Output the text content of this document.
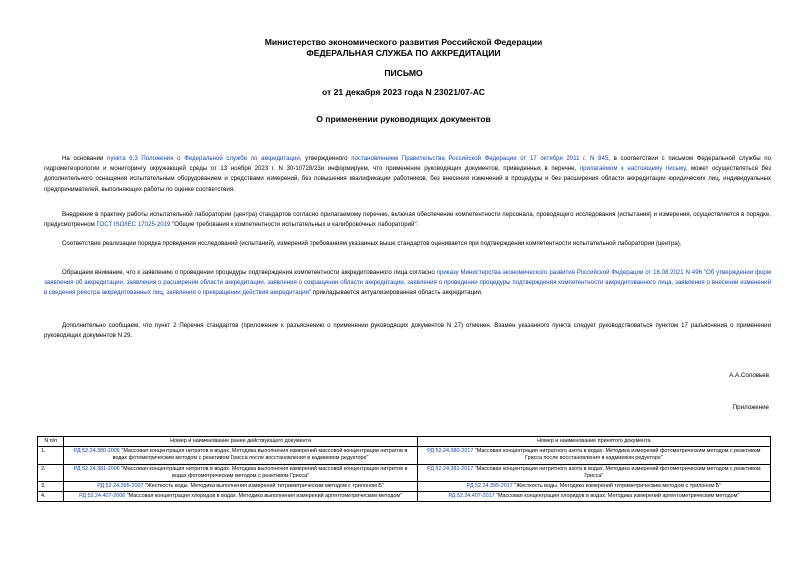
Министерство экономического развития Российской Федерации
ФЕДЕРАЛЬНАЯ СЛУЖБА ПО АККРЕДИТАЦИИ
ПИСЬМО
от 21 декабря 2023 года N 23021/07-АС
О применении руководящих документов

На основании пункта 6.3 Положения о Федеральной службе по аккредитации, утвержденного постановлением Правительства Российской Федерации от 17 октября 2011 г. N 845, в соответствии с письмом Федеральной службы по гидрометеорологии и мониторингу окружающей среды от 13 ноября 2023 г. N 30-10728/23и информируем, что применение руководящих документов, приведенных в перечне, прилагаемом к настоящему письму, может осуществляться без дополнительного оснащения испытательным оборудованием и средствами измерений, без повышения квалификации работников, без внесения изменений в процедуры и без расширения области аккредитации юридических лиц, индивидуальных предпринимателей, выполняющих работы по оценке соответствия.

Внедрение в практику работы испытательной лаборатории (центра) стандартов согласно прилагаемому перечню, включая обеспечение компетентности персонала, проводящего исследования (испытания) и измерения, осуществляется в порядке, предусмотренном ГОСТ ISO/IEC 17025-2019 "Общие требования к компетентности испытательных и калибровочных лабораторий".

Соответствие реализации порядка проведения исследований (испытаний), измерений требованиям указанных выше стандартов оценивается при подтверждении компетентности испытательной лаборатории (центра).

Обращаем внимание, что к заявлению о проведении процедуры подтверждения компетентности аккредитованного лица согласно приказу Министерства экономического развития Российской Федерации от 16.08.2021 N 496 "Об утверждении форм заявления об аккредитации, заявления о расширении области аккредитации, заявления о сокращении области аккредитации, заявления о проведении процедуры подтверждения компетентности аккредитованного лица, заявления о внесении изменений в сведения реестра аккредитованных лиц, заявления о прекращении действия аккредитации" прикладывается актуализированная область аккредитации.

Дополнительно сообщаем, что пункт 2 Перечня стандартов (приложение к разъяснению о применении руководящих документов N 27) отменен. Взамен указанного пункта следует руководствоваться пунктом 17 разъяснения о применении руководящих документов N 29.

А.А.Соловьев
Приложение
N п/п	Номер и наименование ранее действующего документа	Номер и наименование принятого документа
1.	РД 52.24.380-2006 "Массовая концентрация нитратов в водах. Методика выполнения измерений массовой концентрации нитратов в водах фотометрическим методом с реактивом Грисса после восстановления в кадмиевом редукторе"	РД 52.24.380-2017 "Массовая концентрация нитратного азота в водах. Методика измерений фотометрическим методом с реактивом Грисса после восстановления в кадмиевом редукторе"
2.	РД 52.24.381-2006 "Массовая концентрация нитритов в водах. Методика выполнения измерений массовой концентрации нитритов в водах фотометрическим методом с реактивом Грисса"	РД 52.24.381-2017 "Массовая концентрация нитритного азота в водах. Методика измерений фотометрическим методом с реактивом Грисса"
3.	РД 52.24.395-2007 "Жесткость воды. Методика выполнения измерений титриметрическим методом с трилоном Б"	РД 52.24.395-2017 "Жесткость воды. Методика измерений титриметрическим методом с трилоном Б"
4.	РД 52.24.407-2006 "Массовая концентрация хлоридов в водах. Методика выполнения измерений аргентометрическим методом"	РД 52.24.407-2017 "Массовая концентрация хлоридов в водах. Методика измерений аргентометрическим методом"
